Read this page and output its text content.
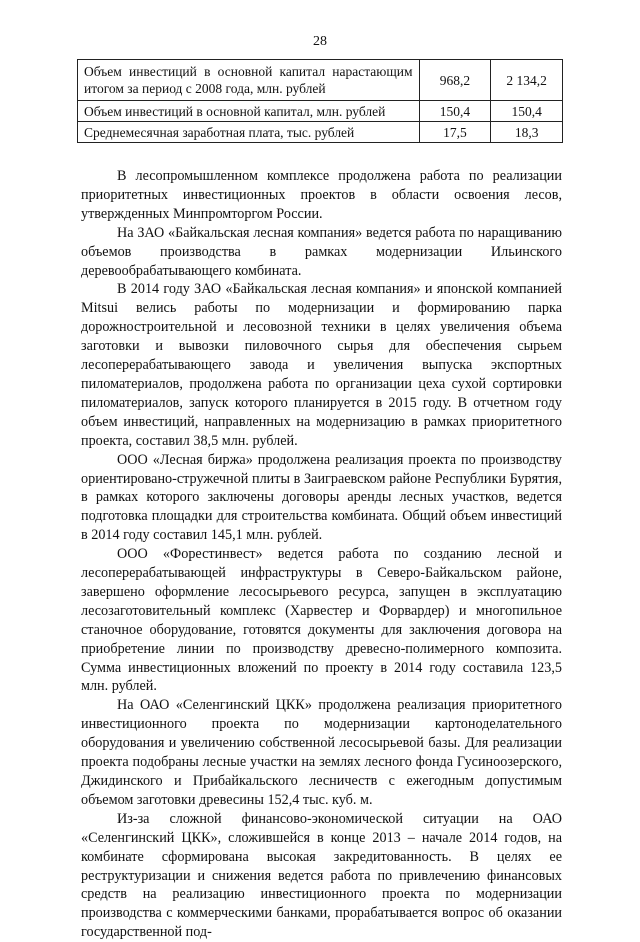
28
Объем инвестиций в основной капитал нарастающим итогом за период с 2008 года, млн. рублей	968,2	2 134,2
Объем инвестиций в основной капитал, млн. рублей	150,4	150,4
Среднемесячная заработная плата, тыс. рублей	17,5	18,3

В лесопромышленном комплексе продолжена работа по реализации приоритетных инвестиционных проектов в области освоения лесов, утвержденных Минпромторгом России.

На ЗАО «Байкальская лесная компания» ведется работа по наращиванию объемов производства в рамках модернизации Ильинского деревообрабатывающего комбината.

В 2014 году ЗАО «Байкальская лесная компания» и японской компанией Mitsui велись работы по модернизации и формированию парка дорожностроительной и лесовозной техники в целях увеличения объема заготовки и вывозки пиловочного сырья для обеспечения сырьем лесоперерабатывающего завода и увеличения выпуска экспортных пиломатериалов, продолжена работа по организации цеха сухой сортировки пиломатериалов, запуск которого планируется в 2015 году. В отчетном году объем инвестиций, направленных на модернизацию в рамках приоритетного проекта, составил 38,5 млн. рублей.

ООО «Лесная биржа» продолжена реализация проекта по производству ориентировано-стружечной плиты в Заиграевском районе Республики Бурятия, в рамках которого заключены договоры аренды лесных участков, ведется подготовка площадки для строительства комбината. Общий объем инвестиций в 2014 году составил 145,1 млн. рублей.

ООО «Форестинвест» ведется работа по созданию лесной и лесоперерабатывающей инфраструктуры в Северо-Байкальском районе, завершено оформление лесосырьевого ресурса, запущен в эксплуатацию лесозаготовительный комплекс (Харвестер и Форвардер) и многопильное станочное оборудование, готовятся документы для заключения договора на приобретение линии по производству древесно-полимерного композита. Сумма инвестиционных вложений по проекту в 2014 году составила 123,5 млн. рублей.

На ОАО «Селенгинский ЦКК» продолжена реализация приоритетного инвестиционного проекта по модернизации картоноделательного оборудования и увеличению собственной лесосырьевой базы. Для реализации проекта подобраны лесные участки на землях лесного фонда Гусиноозерского, Джидинского и Прибайкальского лесничеств с ежегодным допустимым объемом заготовки древесины 152,4 тыс. куб. м.

Из-за сложной финансово-экономической ситуации на ОАО «Селенгинский ЦКК», сложившейся в конце 2013 – начале 2014 годов, на комбинате сформирована высокая закредитованность. В целях ее реструктуризации и снижения ведется работа по привлечению финансовых средств на реализацию инвестиционного проекта по модернизации производства с коммерческими банками, прорабатывается вопрос об оказании государственной под-
